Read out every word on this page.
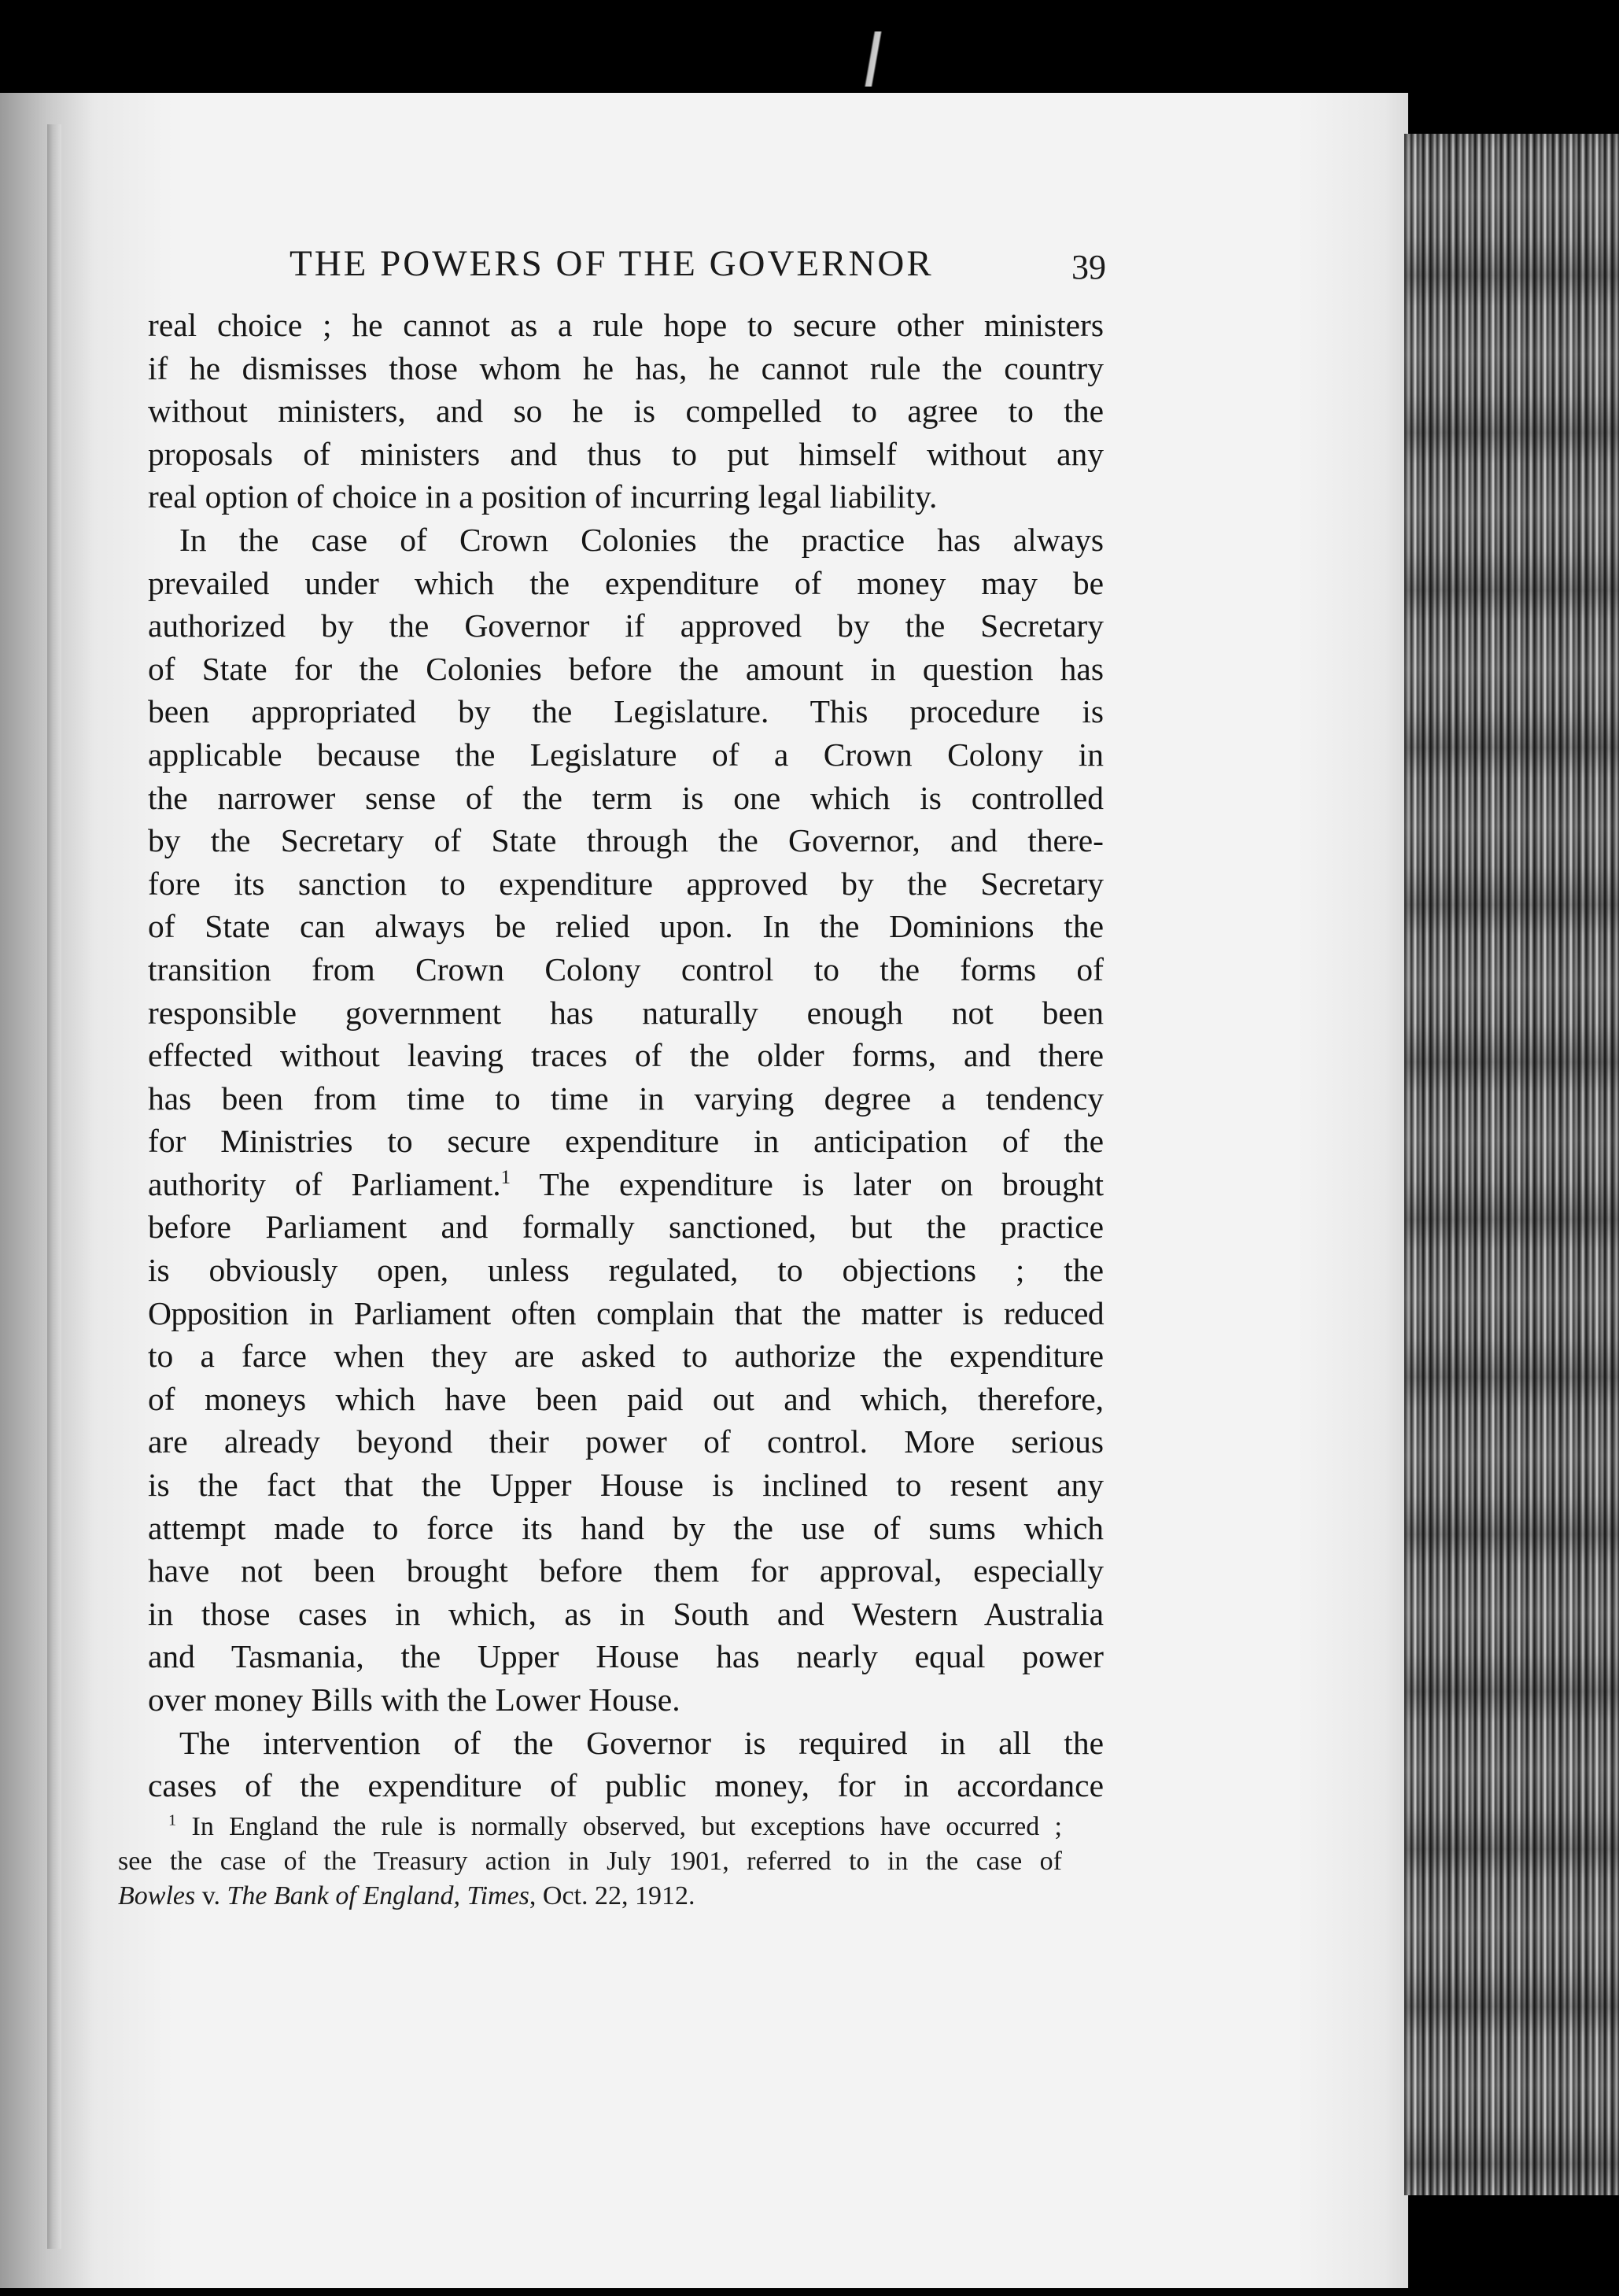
THE POWERS OF THE GOVERNOR	39
real choice ; he cannot as a rule hope to secure other ministers
if he dismisses those whom he has, he cannot rule the country
without ministers, and so he is compelled to agree to the
proposals of ministers and thus to put himself without any
real option of choice in a position of incurring legal liability.
In the case of Crown Colonies the practice has always
prevailed under which the expenditure of money may be
authorized by the Governor if approved by the Secretary
of State for the Colonies before the amount in question has
been appropriated by the Legislature. This procedure is
applicable because the Legislature of a Crown Colony in
the narrower sense of the term is one which is controlled
by the Secretary of State through the Governor, and there-
fore its sanction to expenditure approved by the Secretary
of State can always be relied upon. In the Dominions the
transition from Crown Colony control to the forms of
responsible government has naturally enough not been
effected without leaving traces of the older forms, and there
has been from time to time in varying degree a tendency
for Ministries to secure expenditure in anticipation of the
authority of Parliament.$^1$ The expenditure is later on brought
before Parliament and formally sanctioned, but the practice
is obviously open, unless regulated, to objections ; the
Opposition in Parliament often complain that the matter is reduced
to a farce when they are asked to authorize the expenditure
of moneys which have been paid out and which, therefore,
are already beyond their power of control. More serious
is the fact that the Upper House is inclined to resent any
attempt made to force its hand by the use of sums which
have not been brought before them for approval, especially
in those cases in which, as in South and Western Australia
and Tasmania, the Upper House has nearly equal power
over money Bills with the Lower House.
The intervention of the Governor is required in all the
cases of the expenditure of public money, for in accordance
$^1$ In England the rule is normally observed, but exceptions have occurred ;
see the case of the Treasury action in July 1901, referred to in the case of
Bowles v. The Bank of England, Times, Oct. 22, 1912.
